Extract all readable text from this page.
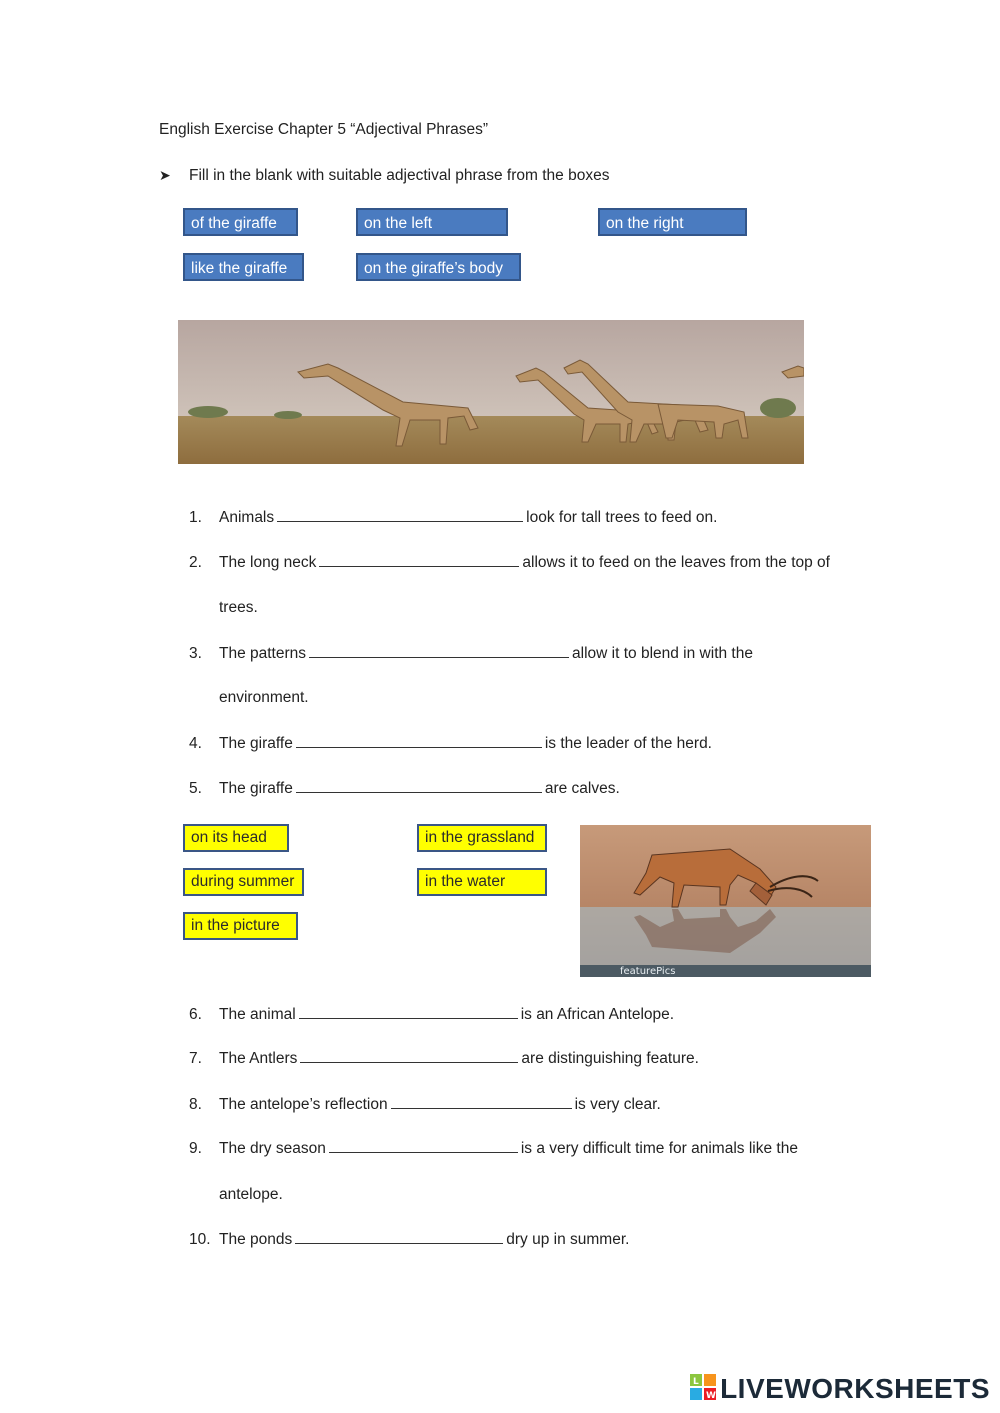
English Exercise Chapter 5 “Adjectival Phrases”
➤ Fill in the blank with suitable adjectival phrase from the boxes
of the giraffe	on the left	on the right
like the giraffe	on the giraffe’s body
1. Animals	look for tall trees to feed on.
2. The long neck	allows it to feed on the leaves from the top of
trees.
3. The patterns	allow it to blend in with the
environment.
4. The giraffe	is the leader of the herd.
5. The giraffe	are calves.
on its head	in the grassland
during summer	in the water
in the picture
featurePics
6. The animal	is an African Antelope.
7. The Antlers	are distinguishing feature.
8. The antelope’s reflection	is very clear.
9. The dry season	is a very difficult time for animals like the
antelope.
10. The ponds	dry up in summer.
L
W LIVEWORKSHEETS
